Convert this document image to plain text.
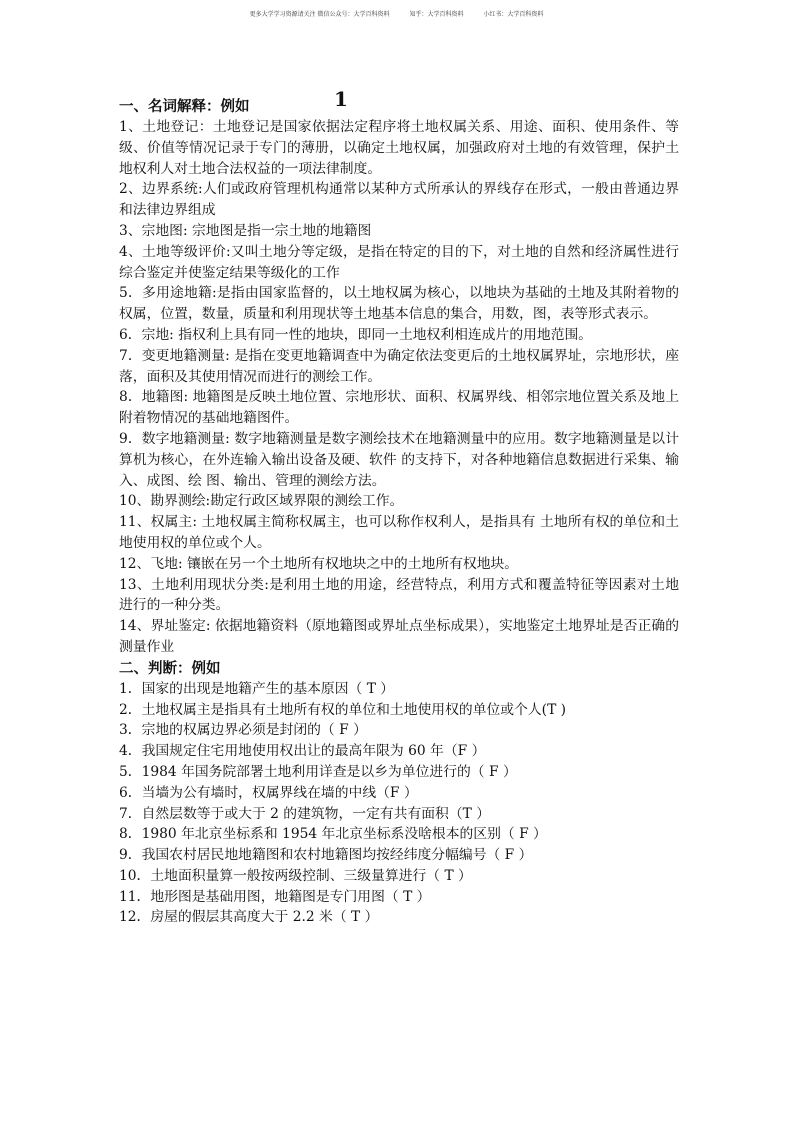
更多大学学习资源请关注 微信公众号：大学百科资料	知乎：大学百科资料	小红书：大学百科资料
1

一、名词解释：例如

1、土地登记：土地登记是国家依据法定程序将土地权属关系、用途、面积、使用条件、等级、价值等情况记录于专门的薄册，以确定土地权属，加强政府对土地的有效管理，保护土地权利人对土地合法权益的一项法律制度。

2、边界系统:人们或政府管理机构通常以某种方式所承认的界线存在形式，一般由普通边界和法律边界组成

3、宗地图: 宗地图是指一宗土地的地籍图

4、土地等级评价:又叫土地分等定级，是指在特定的目的下，对土地的自然和经济属性进行综合鉴定并使鉴定结果等级化的工作

5．多用途地籍:是指由国家监督的，以土地权属为核心，以地块为基础的土地及其附着物的权属，位置，数量，质量和利用现状等土地基本信息的集合，用数，图，表等形式表示。

6．宗地: 指权利上具有同一性的地块，即同一土地权利相连成片的用地范围。

7．变更地籍测量: 是指在变更地籍调查中为确定依法变更后的土地权属界址，宗地形状，座落，面积及其使用情况而进行的测绘工作。

8．地籍图: 地籍图是反映土地位置、宗地形状、面积、权属界线、相邻宗地位置关系及地上附着物情况的基础地籍图件。

9．数字地籍测量: 数字地籍测量是数字测绘技术在地籍测量中的应用。数字地籍测量是以计算机为核心，在外连输入输出设备及硬、软件 的支持下，对各种地籍信息数据进行采集、输入、成图、绘 图、输出、管理的测绘方法。

10、勘界测绘:勘定行政区域界限的测绘工作。

11、权属主: 土地权属主简称权属主，也可以称作权利人，是指具有 土地所有权的单位和土地使用权的单位或个人。

12、飞地: 镶嵌在另一个土地所有权地块之中的土地所有权地块。

13、土地利用现状分类:是利用土地的用途，经营特点，利用方式和覆盖特征等因素对土地进行的一种分类。

14、界址鉴定: 依据地籍资料（原地籍图或界址点坐标成果），实地鉴定土地界址是否正确的测量作业

二、判断：例如

1．国家的出现是地籍产生的基本原因（ T ）

2．土地权属主是指具有土地所有权的单位和土地使用权的单位或个人(T )

3．宗地的权属边界必须是封闭的（ F ）

4．我国规定住宅用地使用权出让的最高年限为 60 年（F ）

5．1984 年国务院部署土地利用详查是以乡为单位进行的（ F ）

6．当墙为公有墙时，权属界线在墙的中线（F ）

7．自然层数等于或大于 2 的建筑物，一定有共有面积（T ）

8．1980 年北京坐标系和 1954 年北京坐标系没啥根本的区别（ F ）

9．我国农村居民地地籍图和农村地籍图均按经纬度分幅编号（ F ）

10．土地面积量算一般按两级控制、三级量算进行（ T ）

11．地形图是基础用图，地籍图是专门用图（ T ）

12．房屋的假层其高度大于 2.2 米（ T ）
